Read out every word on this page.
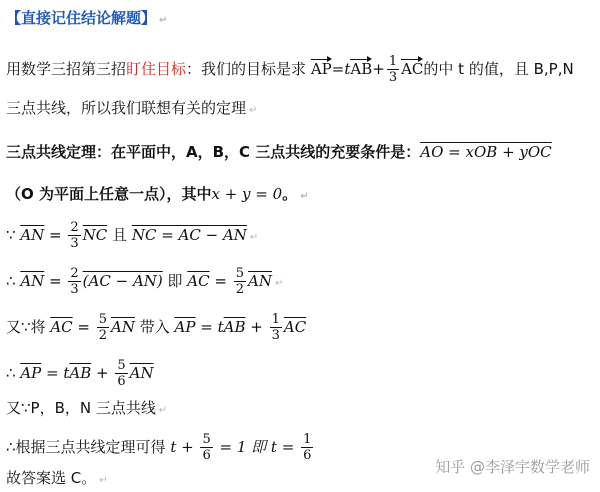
【直接记住结论解题】 ↵
用数学三招第三招盯住目标：我们的目标是求 $AP=tAB+ \frac{1}{3}$ AC的中 t 的值，且 B,P,N
三点共线，所以我们联想有关的定理 ↵
三点共线定理：在平面中，A，B，C 三点共线的充要条件是：AO = xOB + yOC
（O 为平面上任意一点），其中x + y = 0。 ↵
∵ $\overline{AN} = \frac{2}{3} \overline{NC}$ 且 NC = AC − AN ↵
∴ $\overline{AN} = \frac{2}{3} (AC - AN)$ 即 $\overline{AC} = \frac{5}{2} \overline{AN}$ ↵
又∵将 $\overline{AC} = \frac{5}{2} \overline{AN}$ 带入 $\overline{AP} = t\overline{AB} + \frac{1}{3} \overline{AC}$
∴ $\overline{AP} = t\overline{AB} + \frac{5}{6} \overline{AN}$
又∵P，B，N 三点共线 ↵
∴根据三点共线定理可得 $t + \frac{5}{6} = 1$ 即 $t = \frac{1}{6}$
故答案选 C。 ↵
知乎 @李泽宇数学老师
